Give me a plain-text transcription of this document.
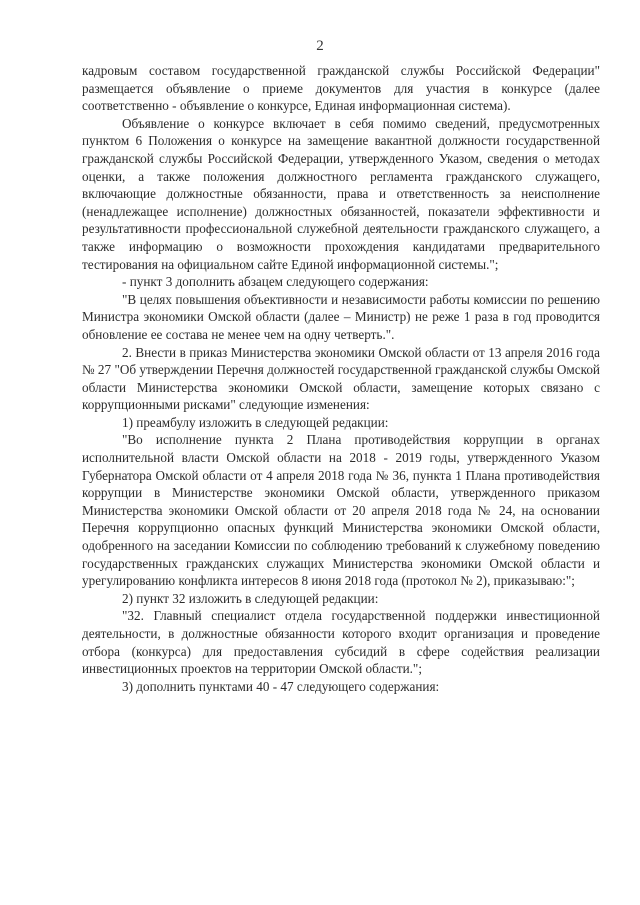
2

кадровым составом государственной гражданской службы Российской Федерации" размещается объявление о приеме документов для участия в конкурсе (далее соответственно - объявление о конкурсе, Единая информационная система).

Объявление о конкурсе включает в себя помимо сведений, предусмотренных пунктом 6 Положения о конкурсе на замещение вакантной должности государственной гражданской службы Российской Федерации, утвержденного Указом, сведения о методах оценки, а также положения должностного регламента гражданского служащего, включающие должностные обязанности, права и ответственность за неисполнение (ненадлежащее исполнение) должностных обязанностей, показатели эффективности и результативности профессиональной служебной деятельности гражданского служащего, а также информацию о возможности прохождения кандидатами предварительного тестирования на официальном сайте Единой информационной системы.";

- пункт 3 дополнить абзацем следующего содержания:

"В целях повышения объективности и независимости работы комиссии по решению Министра экономики Омской области (далее – Министр) не реже 1 раза в год проводится обновление ее состава не менее чем на одну четверть.".

2. Внести в приказ Министерства экономики Омской области от 13 апреля 2016 года № 27 "Об утверждении Перечня должностей государственной гражданской службы Омской области Министерства экономики Омской области, замещение которых связано с коррупционными рисками" следующие изменения:

1) преамбулу изложить в следующей редакции:

"Во исполнение пункта 2 Плана противодействия коррупции в органах исполнительной власти Омской области на 2018 - 2019 годы, утвержденного Указом Губернатора Омской области от 4 апреля 2018 года № 36, пункта 1 Плана противодействия коррупции в Министерстве экономики Омской области, утвержденного приказом Министерства экономики Омской области от 20 апреля 2018 года № 24, на основании Перечня коррупционно опасных функций Министерства экономики Омской области, одобренного на заседании Комиссии по соблюдению требований к служебному поведению государственных гражданских служащих Министерства экономики Омской области и урегулированию конфликта интересов 8 июня 2018 года (протокол № 2), приказываю:";

2) пункт 32 изложить в следующей редакции:

"32. Главный специалист отдела государственной поддержки инвестиционной деятельности, в должностные обязанности которого входит организация и проведение отбора (конкурса) для предоставления субсидий в сфере содействия реализации инвестиционных проектов на территории Омской области.";

3) дополнить пунктами 40 - 47 следующего содержания:
